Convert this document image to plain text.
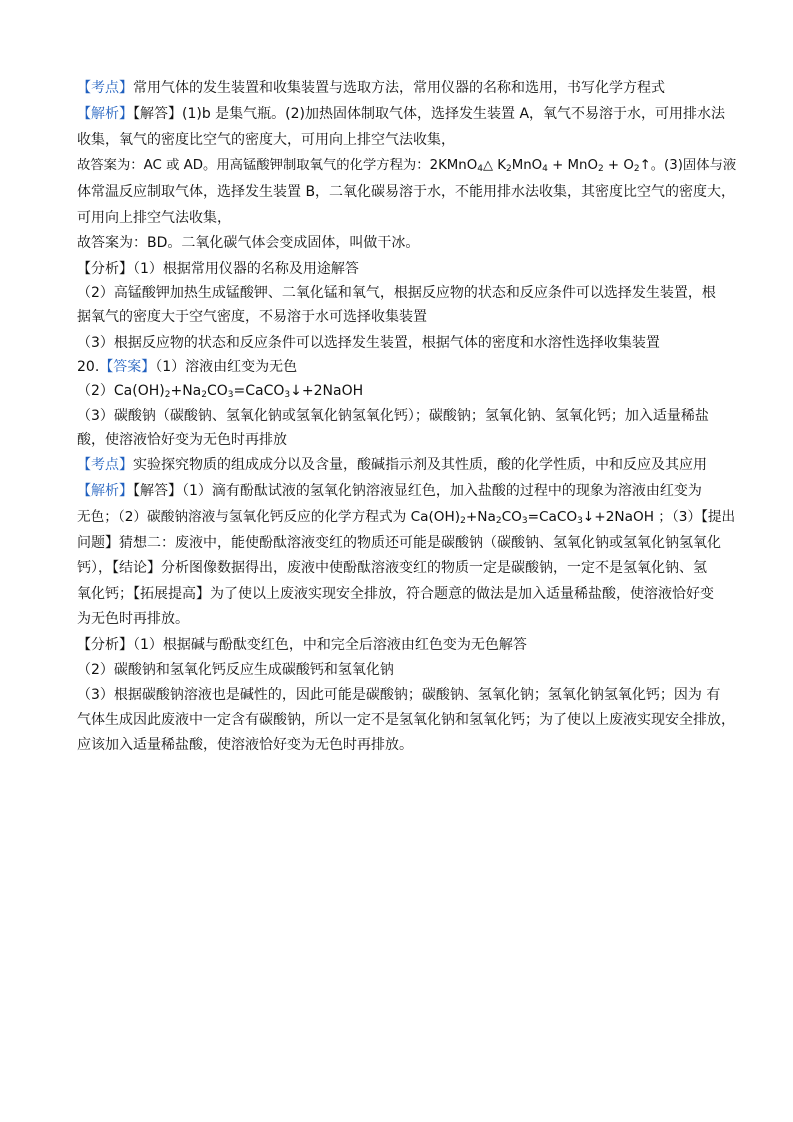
【考点】常用气体的发生装置和收集装置与选取方法，常用仪器的名称和选用，书写化学方程式
【解析】【解答】(1)b 是集气瓶。(2)加热固体制取气体，选择发生装置 A，氧气不易溶于水，可用排水法
收集，氧气的密度比空气的密度大，可用向上排空气法收集，
故答案为：AC 或 AD。用高锰酸钾制取氧气的化学方程为：2KMnO$_4$△ $K_2MnO_4 + MnO_2$ + $O_2↑$。(3)固体与液
体常温反应制取气体，选择发生装置 B，二氧化碳易溶于水，不能用排水法收集，其密度比空气的密度大，
可用向上排空气法收集，
故答案为：BD。二氧化碳气体会变成固体，叫做干冰。
【分析】（1）根据常用仪器的名称及用途解答
（2）高锰酸钾加热生成锰酸钾、二氧化锰和氧气，根据反应物的状态和反应条件可以选择发生装置，根
据氧气的密度大于空气密度，不易溶于水可选择收集装置
（3）根据反应物的状态和反应条件可以选择发生装置，根据气体的密度和水溶性选择收集装置
20.【答案】（1）溶液由红变为无色
$(2)Ca(OH)_2+Na_2CO_3=CaCO_3↓+2NaOH$
（3）碳酸钠（碳酸钠、氢氧化钠或氢氧化钠氢氧化钙）；碳酸钠；氢氧化钠、氢氧化钙；加入适量稀盐
酸，使溶液恰好变为无色时再排放
【考点】实验探究物质的组成成分以及含量，酸碱指示剂及其性质，酸的化学性质，中和反应及其应用
【解析】【解答】（1）滴有酚酞试液的氢氧化钠溶液显红色，加入盐酸的过程中的现象为溶液由红变为
无色；（2）碳酸钠溶液与氢氧化钙反应的化学方程式为 $Ca(OH)_2+Na_2CO_3=CaCO_3↓+2NaOH$ ；（3）【提出
问题】猜想二：废液中，能使酚酞溶液变红的物质还可能是碳酸钠（碳酸钠、氢氧化钠或氢氧化钠氢氧化
钙），【结论】分析图像数据得出，废液中使酚酞溶液变红的物质一定是碳酸钠，一定不是氢氧化钠、氢
氧化钙；【拓展提高】为了使以上废液实现安全排放，符合题意的做法是加入适量稀盐酸，使溶液恰好变
为无色时再排放。
【分析】（1）根据碱与酚酞变红色，中和完全后溶液由红色变为无色解答
（2）碳酸钠和氢氧化钙反应生成碳酸钙和氢氧化钠
（3）根据碳酸钠溶液也是碱性的，因此可能是碳酸钠；碳酸钠、氢氧化钠；氢氧化钠氢氧化钙；因为 有
气体生成因此废液中一定含有碳酸钠，所以一定不是氢氧化钠和氢氧化钙；为了使以上废液实现安全排放，
应该加入适量稀盐酸，使溶液恰好变为无色时再排放。
